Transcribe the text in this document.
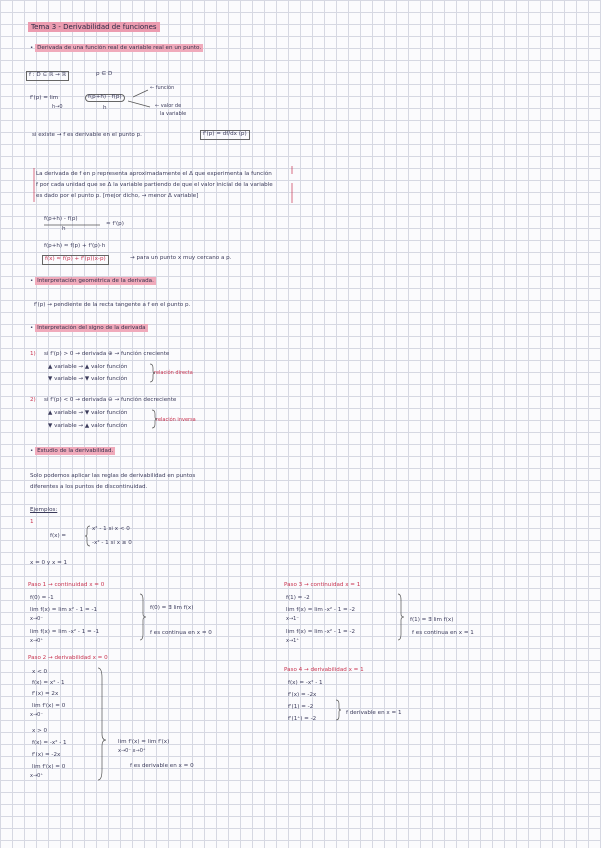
Tema 3 - Derivabilidad de funciones
• Derivada de una función real de variable real en un punto.
f : D ⊆ ℝ → ℝ	p ∈ D
f'(p) = lim
h→0
f(p+h) - f(p)
h
← función
← valor de
la variable
si existe → f es derivable en el punto p.	f'(p) = df/dx (p)
La derivada de f en p representa aproximadamente el Δ que experimenta la función
f por cada unidad que se Δ la variable partiendo de que el valor inicial de la variable
es dado por el punto p. [mejor dicho, → menor Δ variable]
f(p+h) - f(p)
h
≈ f'(p)
f(p+h) ≈ f(p) + f'(p)·h
f(x) ≈ f(p) + f'(p)(x-p)	→ para un punto x muy cercano a p.
• Interpretación geométrica de la derivada.
f'(p) → pendiente de la recta tangente a f en el punto p.
• Interpretación del signo de la derivada
1) si f'(p) > 0 → derivada ⊕ → función creciente
▲ variable → ▲ valor función
▼ variable → ▼ valor función
relación directa
2) si f'(p) < 0 → derivada ⊖ → función decreciente
▲ variable → ▼ valor función
▼ variable → ▲ valor función
relación inversa
• Estudio de la derivabilidad.
Solo podemos aplicar las reglas de derivabilidad en puntos
diferentes a los puntos de discontinuidad.
Ejemplos:
1
f(x) =
x² - 1 si x < 0
-x² - 1 si x ≥ 0
x = 0 y x = 1
Paso 1 → continuidad x = 0
f(0) = -1
lim f(x) = lim x² - 1 = -1
x→0⁻
lim f(x) = lim -x² - 1 = -1
x→0⁺
f(0) = ∃ lim f(x)
f es continua en x = 0
Paso 2 → derivabilidad x = 0
x < 0
f(x) = x² - 1
f'(x) = 2x
lim f'(x) = 0
x→0⁻
x > 0
f(x) = -x² - 1
f'(x) = -2x
lim f'(x) = 0
x→0⁺
lim f'(x) = lim f'(x)
x→0⁻ x→0⁺
f es derivable en x = 0
Paso 3 → continuidad x = 1
f(1) = -2
lim f(x) = lim -x² - 1 = -2
x→1⁻
lim f(x) = lim -x² - 1 = -2
x→1⁺
f(1) = ∃ lim f(x)
f es continua en x = 1
Paso 4 → derivabilidad x = 1
f(x) = -x² - 1
f'(x) = -2x
f'(1) = -2
f'(1⁺) = -2
f derivable en x = 1
